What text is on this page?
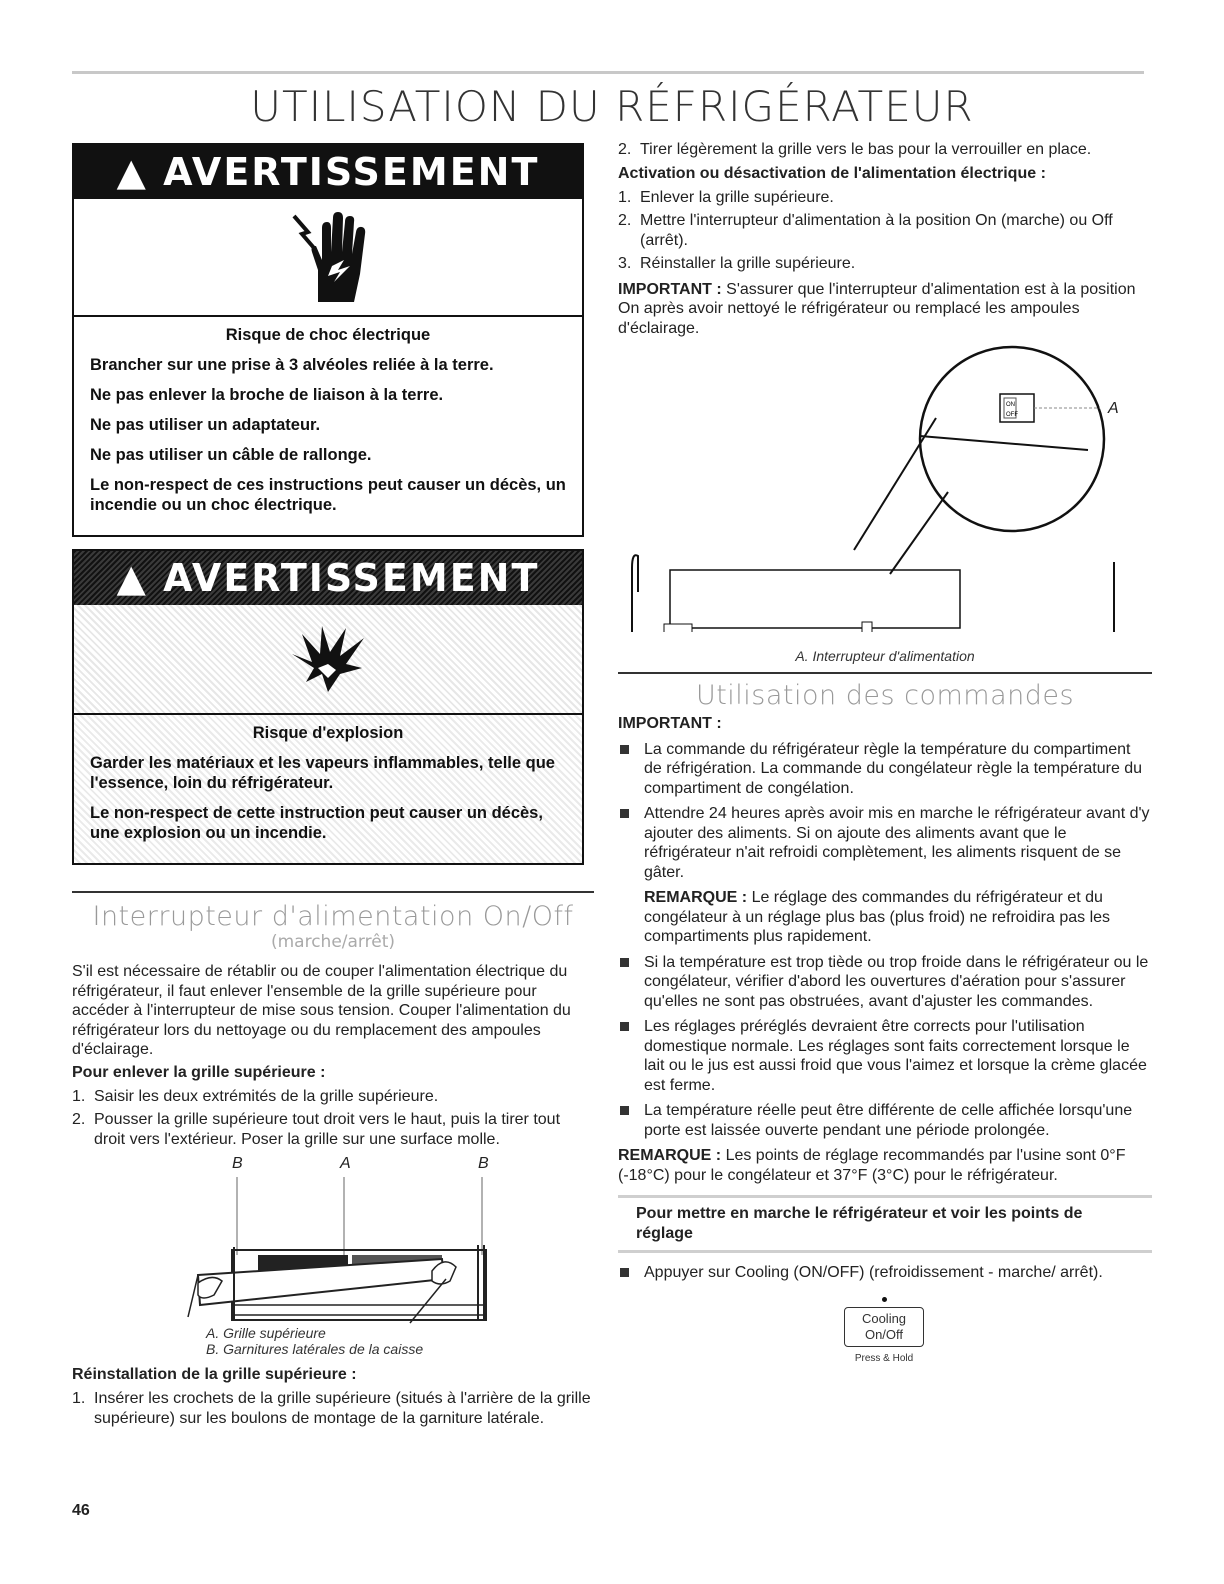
UTILISATION DU RÉFRIGÉRATEUR
▲ AVERTISSEMENT

Risque de choc électrique

Brancher sur une prise à 3 alvéoles reliée à la terre.

Ne pas enlever la broche de liaison à la terre.

Ne pas utiliser un adaptateur.

Ne pas utiliser un câble de rallonge.

Le non-respect de ces instructions peut causer un décès, un incendie ou un choc électrique.

▲ AVERTISSEMENT

Risque d'explosion

Garder les matériaux et les vapeurs inflammables, telle que l'essence, loin du réfrigérateur.

Le non-respect de cette instruction peut causer un décès, une explosion ou un incendie.

Interrupteur d'alimentation On/Off
(marche/arrêt)

S'il est nécessaire de rétablir ou de couper l'alimentation électrique du réfrigérateur, il faut enlever l'ensemble de la grille supérieure pour accéder à l'interrupteur de mise sous tension. Couper l'alimentation du réfrigérateur lors du nettoyage ou du remplacement des ampoules d'éclairage.

Pour enlever la grille supérieure :
1. Saisir les deux extrémités de la grille supérieure.
2. Pousser la grille supérieure tout droit vers le haut, puis la tirer tout droit vers l'extérieur. Poser la grille sur une surface molle.
B	A	B
A. Grille supérieure
B. Garnitures latérales de la caisse
Réinstallation de la grille supérieure :
1. Insérer les crochets de la grille supérieure (situés à l'arrière de la grille supérieure) sur les boulons de montage de la garniture latérale.
2. Tirer légèrement la grille vers le bas pour la verrouiller en place.
Activation ou désactivation de l'alimentation électrique :
1. Enlever la grille supérieure.
2. Mettre l'interrupteur d'alimentation à la position On (marche) ou Off (arrêt).
3. Réinstaller la grille supérieure.

IMPORTANT : S'assurer que l'interrupteur d'alimentation est à la position On après avoir nettoyé le réfrigérateur ou remplacé les ampoules d'éclairage.

ON
OFF	A
A. Interrupteur d'alimentation
Utilisation des commandes
IMPORTANT :
La commande du réfrigérateur règle la température du compartiment de réfrigération. La commande du congélateur règle la température du compartiment de congélation.
Attendre 24 heures après avoir mis en marche le réfrigérateur avant d'y ajouter des aliments. Si on ajoute des aliments avant que le réfrigérateur n'ait refroidi complètement, les aliments risquent de se gâter.

REMARQUE : Le réglage des commandes du réfrigérateur et du congélateur à un réglage plus bas (plus froid) ne refroidira pas les compartiments plus rapidement.

Si la température est trop tiède ou trop froide dans le réfrigérateur ou le congélateur, vérifier d'abord les ouvertures d'aération pour s'assurer qu'elles ne sont pas obstruées, avant d'ajuster les commandes.
Les réglages préréglés devraient être corrects pour l'utilisation domestique normale. Les réglages sont faits correctement lorsque le lait ou le jus est aussi froid que vous l'aimez et lorsque la crème glacée est ferme.
La température réelle peut être différente de celle affichée lorsqu'une porte est laissée ouverte pendant une période prolongée.

REMARQUE : Les points de réglage recommandés par l'usine sont 0°F (-18°C) pour le congélateur et 37°F (3°C) pour le réfrigérateur.

Pour mettre en marche le réfrigérateur et voir les points de réglage
Appuyer sur Cooling (ON/OFF) (refroidissement - marche/ arrêt).
Cooling
On/Off
Press & Hold
46
